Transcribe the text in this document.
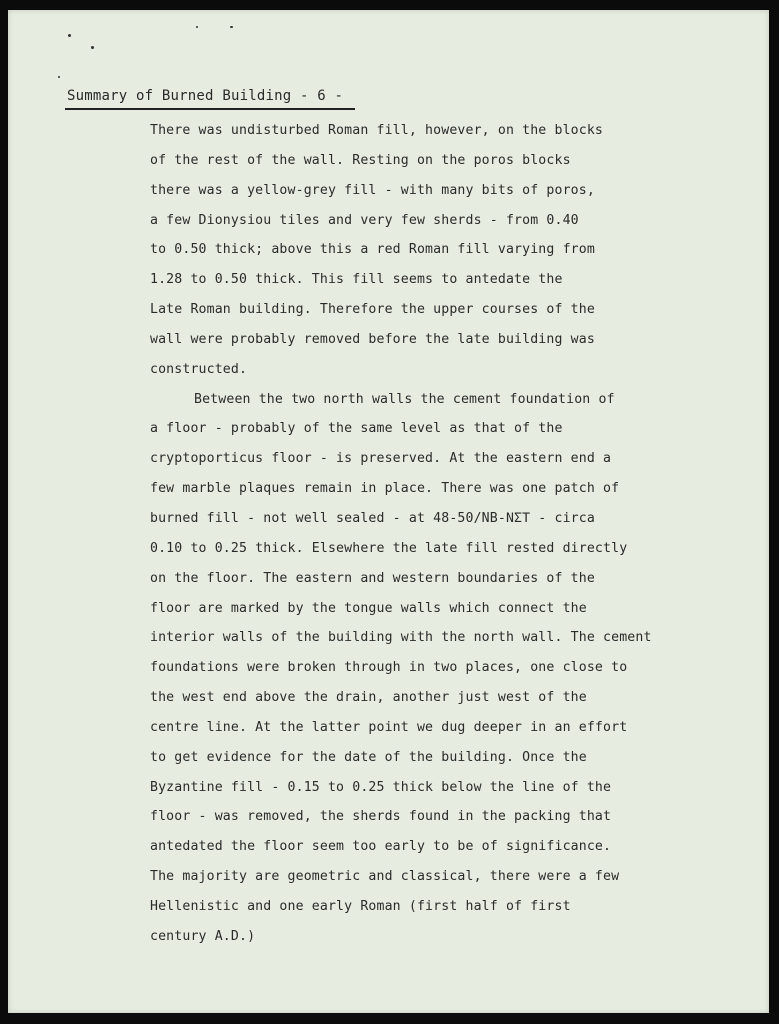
Summary of Burned Building - 6 -
There was undisturbed Roman fill, however, on the blocks
of the rest of the wall. Resting on the poros blocks
there was a yellow-grey fill - with many bits of poros,
a few Dionysiou tiles and very few sherds - from 0.40
to 0.50 thick; above this a red Roman fill varying from
1.28 to 0.50 thick. This fill seems to antedate the
Late Roman building. Therefore the upper courses of the
wall were probably removed before the late building was
constructed.
Between the two north walls the cement foundation of
a floor - probably of the same level as that of the
cryptoporticus floor - is preserved. At the eastern end a
few marble plaques remain in place. There was one patch of
burned fill - not well sealed - at 48-50/NB-ΝΣΤ - circa
0.10 to 0.25 thick. Elsewhere the late fill rested directly
on the floor. The eastern and western boundaries of the
floor are marked by the tongue walls which connect the
interior walls of the building with the north wall. The cement
foundations were broken through in two places, one close to
the west end above the drain, another just west of the
centre line. At the latter point we dug deeper in an effort
to get evidence for the date of the building. Once the
Byzantine fill - 0.15 to 0.25 thick below the line of the
floor - was removed, the sherds found in the packing that
antedated the floor seem too early to be of significance.
The majority are geometric and classical, there were a few
Hellenistic and one early Roman (first half of first
century A.D.)
